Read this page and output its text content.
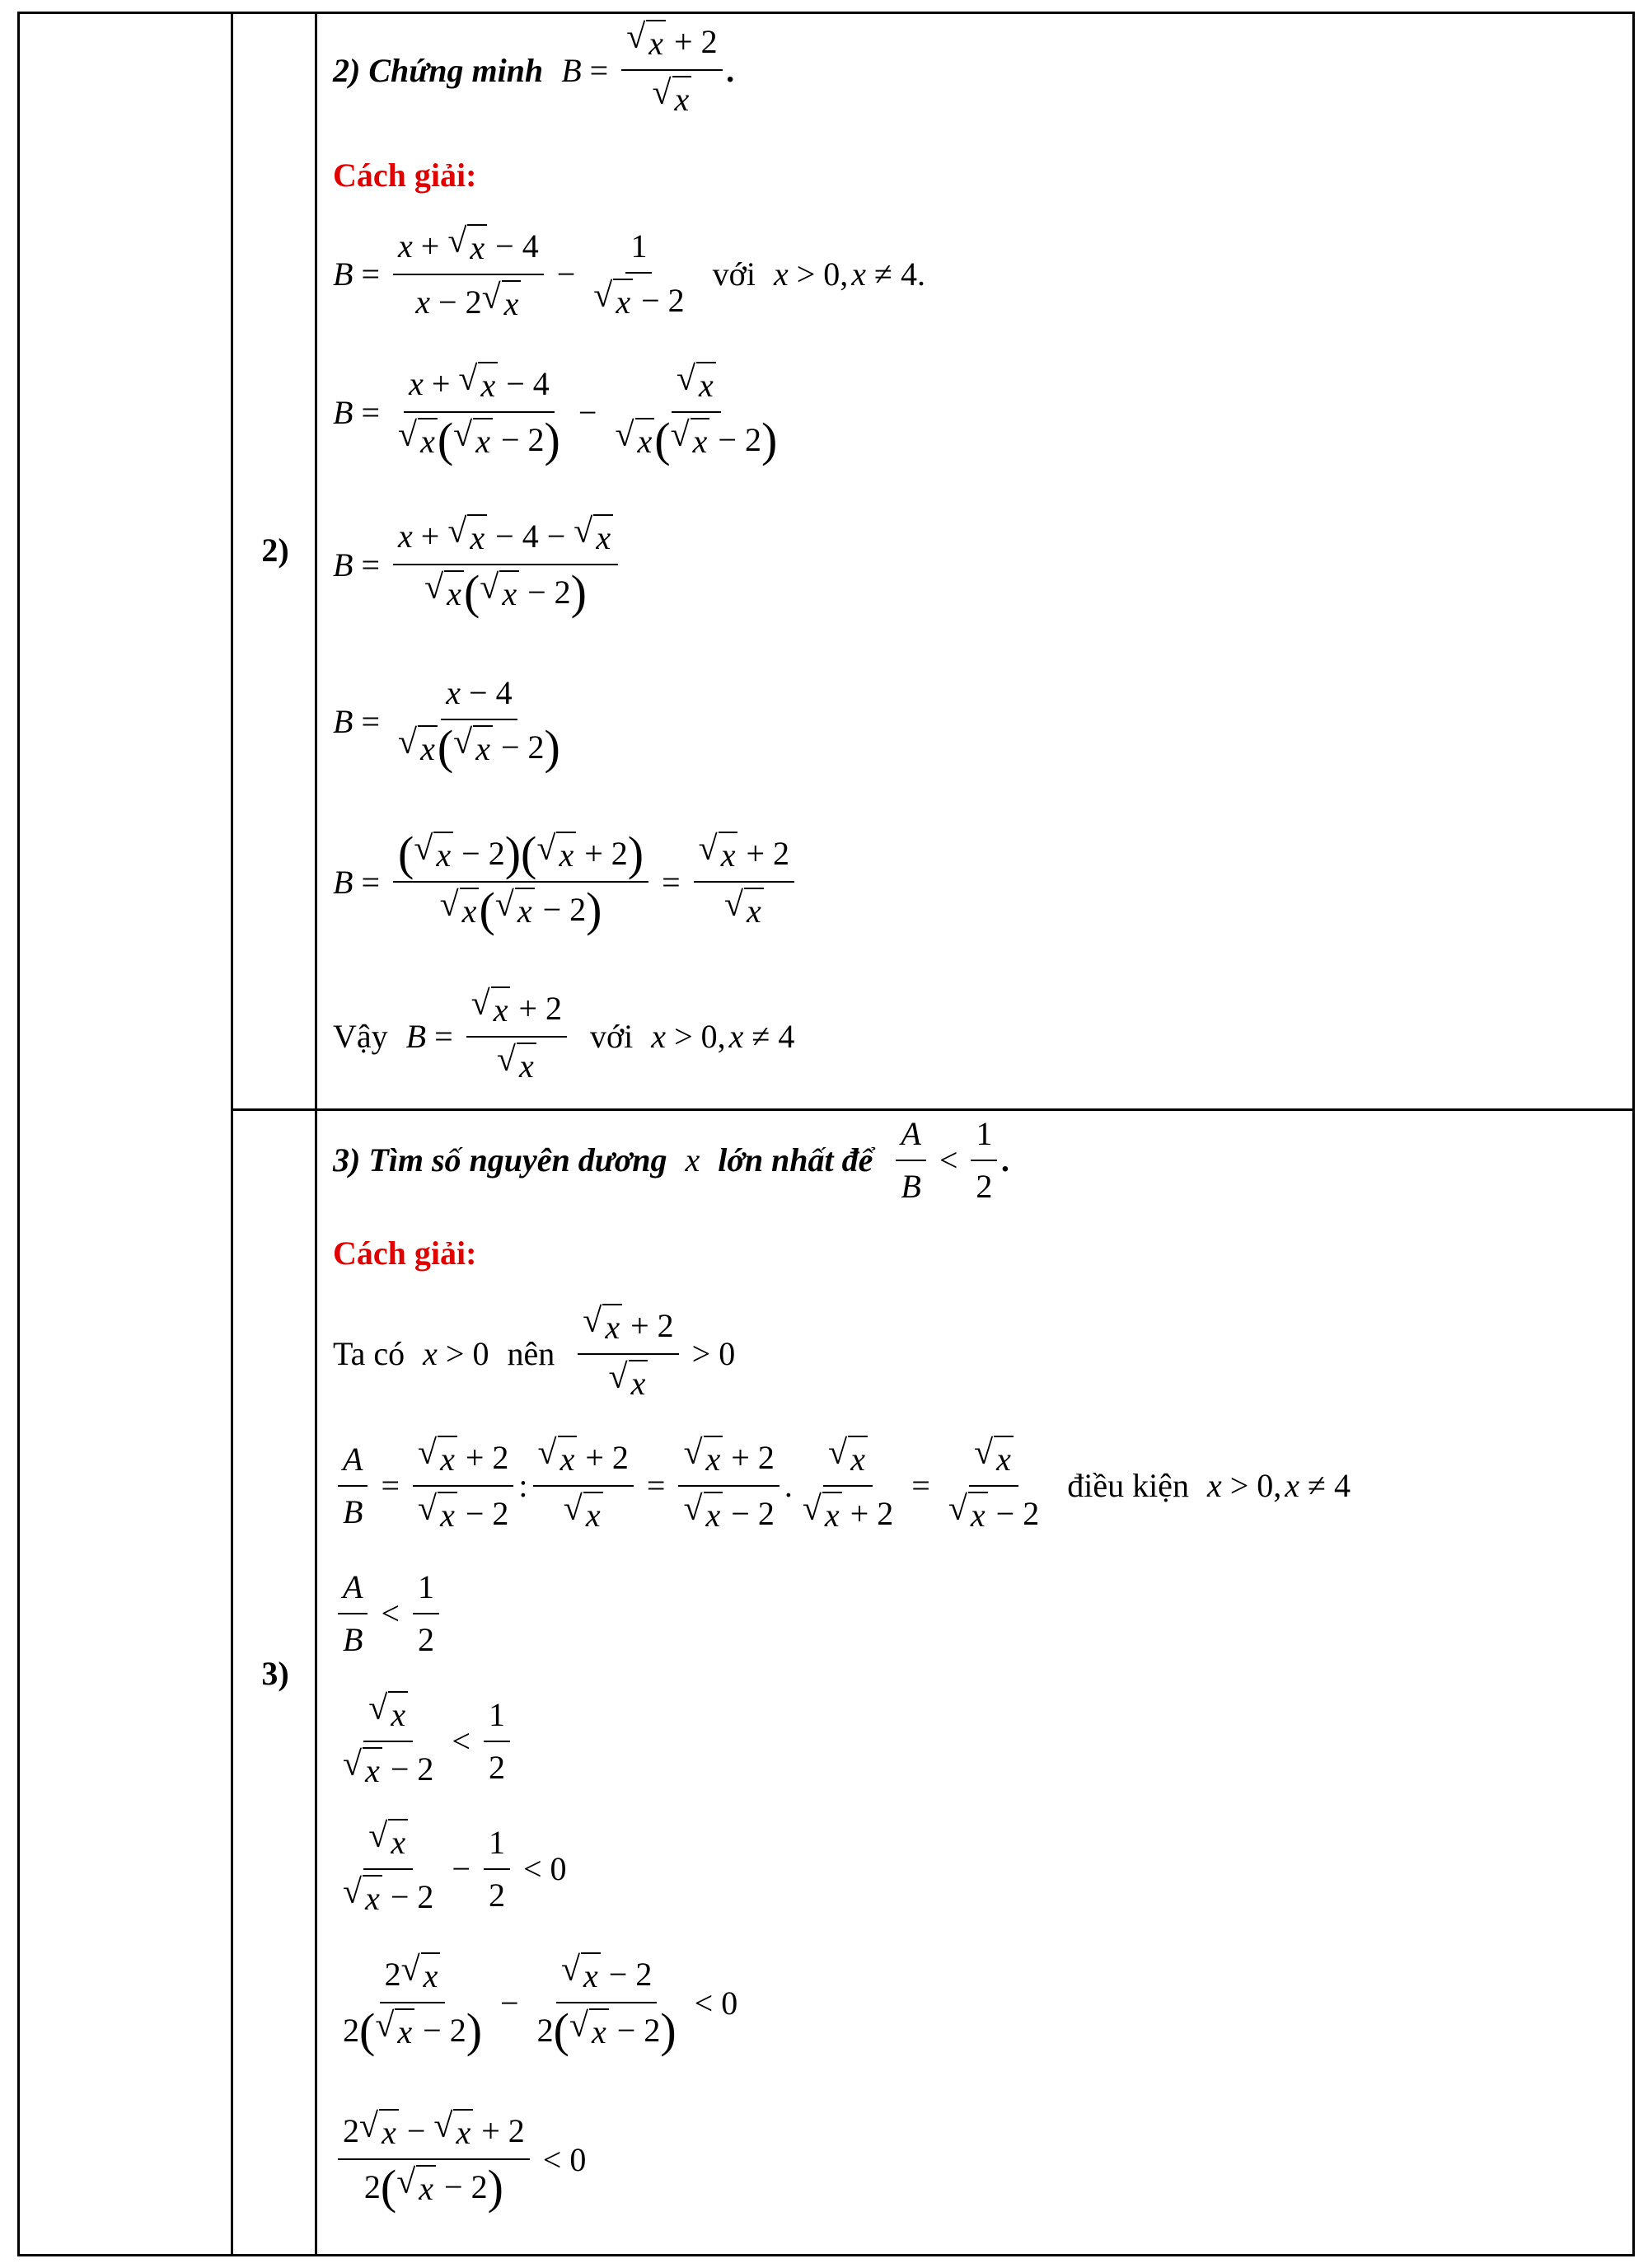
2)
3)
2) Chứng minh $B = \frac{√ x + 2}{√ x}$ .
Cách giải:
$B = \frac{x + √ x - 4}{x - 2 √ x} - \frac{1}{√ x - 2}$ với x > 0, x ≠ 4 .
$B = \frac{x + √ x - 4}{√ x ( √ x - 2 )} - \frac{√ x}{√ x ( √ x - 2 )}$
$B = \frac{x + √ x - 4 - √ x}{√ x ( √ x - 2 )}$
$B = \frac{x - 4}{√ x ( √ x - 2 )}$
$B = \frac{( √ x - 2 ) ( √ x + 2 )}{√ x ( √ x - 2 )} = \frac{√ x + 2}{√ x}$
Vậy $B = \frac{√ x + 2}{√ x}$ với x > 0, x ≠ 4
3) Tìm số nguyên dương x lớn nhất để $\frac{A}{B} < \frac{1}{2}$ .
Cách giải:
Ta có x > 0 nên $\frac{√ x + 2}{√ x} > 0$
$\frac{A}{B} = \frac{√ x + 2}{√ x - 2}$ : $\frac{√ x + 2}{√ x} = \frac{√ x + 2}{√ x - 2}$ . $\frac{√ x}{√ x + 2} = \frac{√ x}{√ x - 2}$ điều kiện x > 0, x ≠ 4
$\frac{A}{B} < \frac{1}{2}$
$\frac{√ x}{√ x - 2} < \frac{1}{2}$
$\frac{√ x}{√ x - 2} - \frac{1}{2} < 0$
$\frac{2 √ x}{2 ( √ x - 2 )} - \frac{√ x - 2}{2 ( √ x - 2 )} < 0$
$\frac{2 √ x - √ x + 2}{2 ( √ x - 2 )} < 0$
